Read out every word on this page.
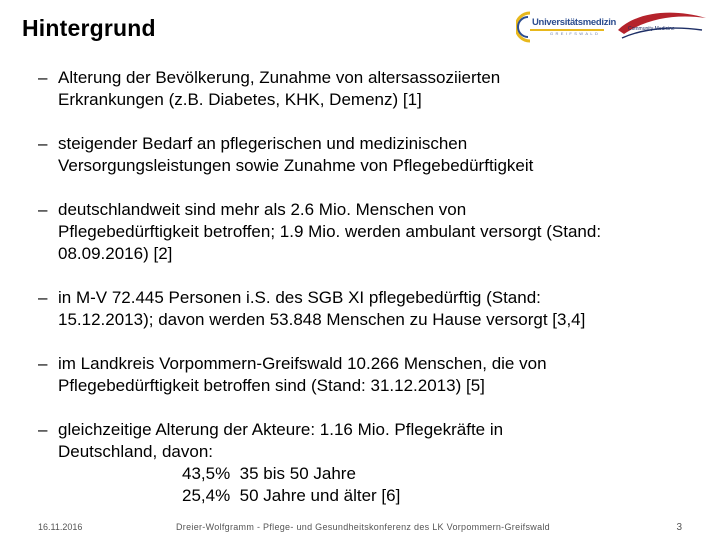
Hintergrund	Universitätsmedizin
GREIFSWALD
Community Medicine
– Alterung der Bevölkerung, Zunahme von altersassoziierten
Erkrankungen (z.B. Diabetes, KHK, Demenz) [1]
– steigender Bedarf an pflegerischen und medizinischen
Versorgungsleistungen sowie Zunahme von Pflegebedürftigkeit
– deutschlandweit sind mehr als 2.6 Mio. Menschen von
Pflegebedürftigkeit betroffen; 1.9 Mio. werden ambulant versorgt (Stand:
08.09.2016) [2]
– in M-V 72.445 Personen i.S. des SGB XI pflegebedürftig (Stand:
15.12.2013); davon werden 53.848 Menschen zu Hause versorgt [3,4]
– im Landkreis Vorpommern-Greifswald 10.266 Menschen, die von
Pflegebedürftigkeit betroffen sind (Stand: 31.12.2013) [5]
– gleichzeitige Alterung der Akteure: 1.16 Mio. Pflegekräfte in
Deutschland, davon:
43,5%  35 bis 50 Jahre
25,4%  50 Jahre und älter [6]
16.11.2016	Dreier-Wolfgramm - Pflege- und Gesundheitskonferenz des LK Vorpommern-Greifswald	3
